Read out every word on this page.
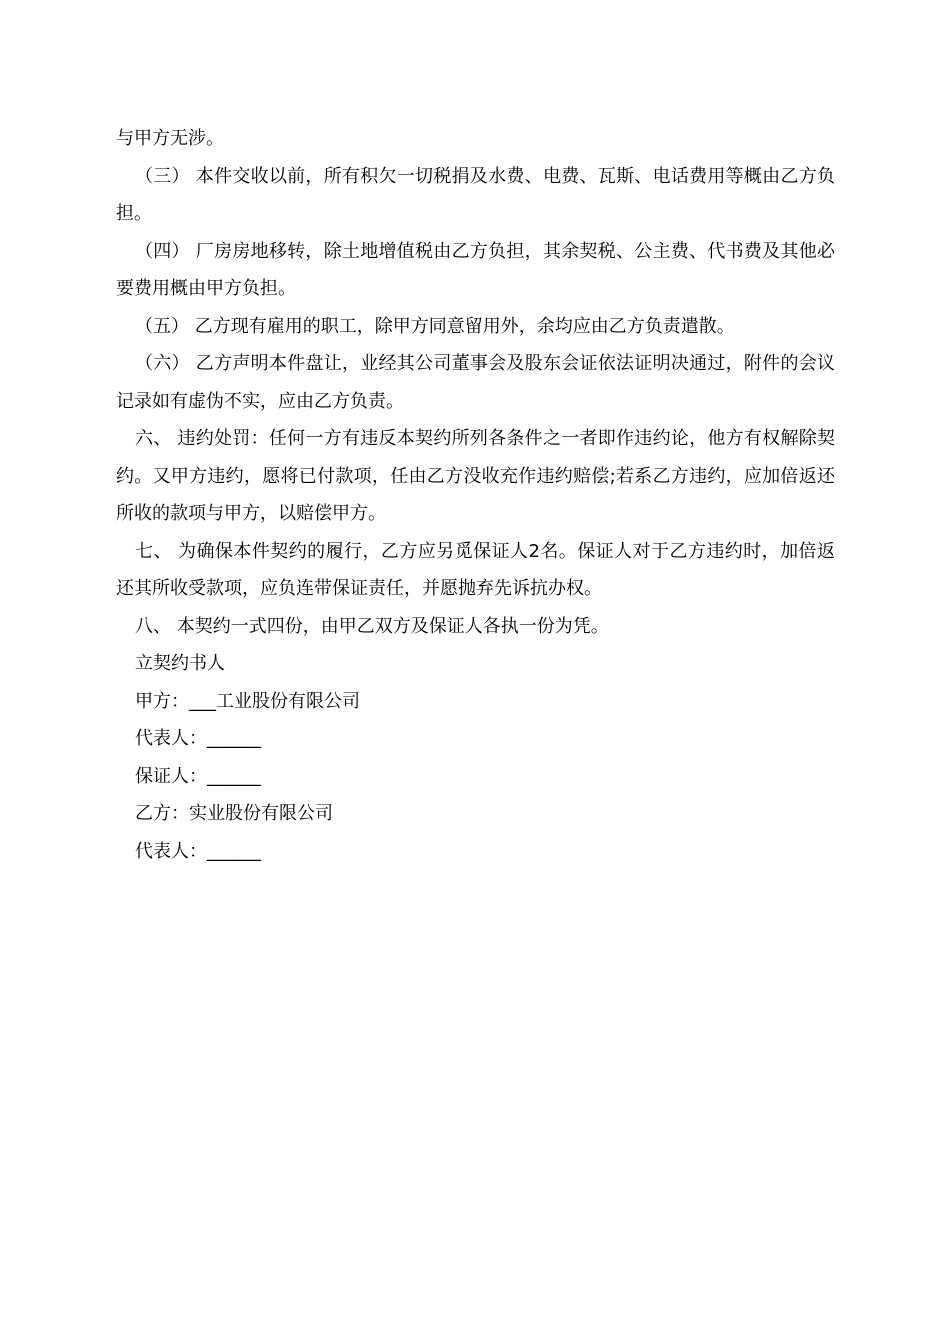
与甲方无涉。

（三） 本件交收以前，所有积欠一切税捐及水费、电费、瓦斯、电话费用等概由乙方负担。

（四） 厂房房地移转，除土地增值税由乙方负担，其余契税、公主费、代书费及其他必要费用概由甲方负担。

（五） 乙方现有雇用的职工，除甲方同意留用外，余均应由乙方负责遣散。

（六） 乙方声明本件盘让，业经其公司董事会及股东会证依法证明决通过，附件的会议记录如有虚伪不实，应由乙方负责。

六、 违约处罚：任何一方有违反本契约所列各条件之一者即作违约论，他方有权解除契约。又甲方违约，愿将已付款项，任由乙方没收充作违约赔偿;若系乙方违约，应加倍返还所收的款项与甲方，以赔偿甲方。

七、 为确保本件契约的履行，乙方应另觅保证人2名。保证人对于乙方违约时，加倍返还其所收受款项，应负连带保证责任，并愿抛弃先诉抗办权。

八、 本契约一式四份，由甲乙双方及保证人各执一份为凭。

立契约书人

甲方：___工业股份有限公司

代表人：______

保证人：______

乙方：实业股份有限公司

代表人：______
